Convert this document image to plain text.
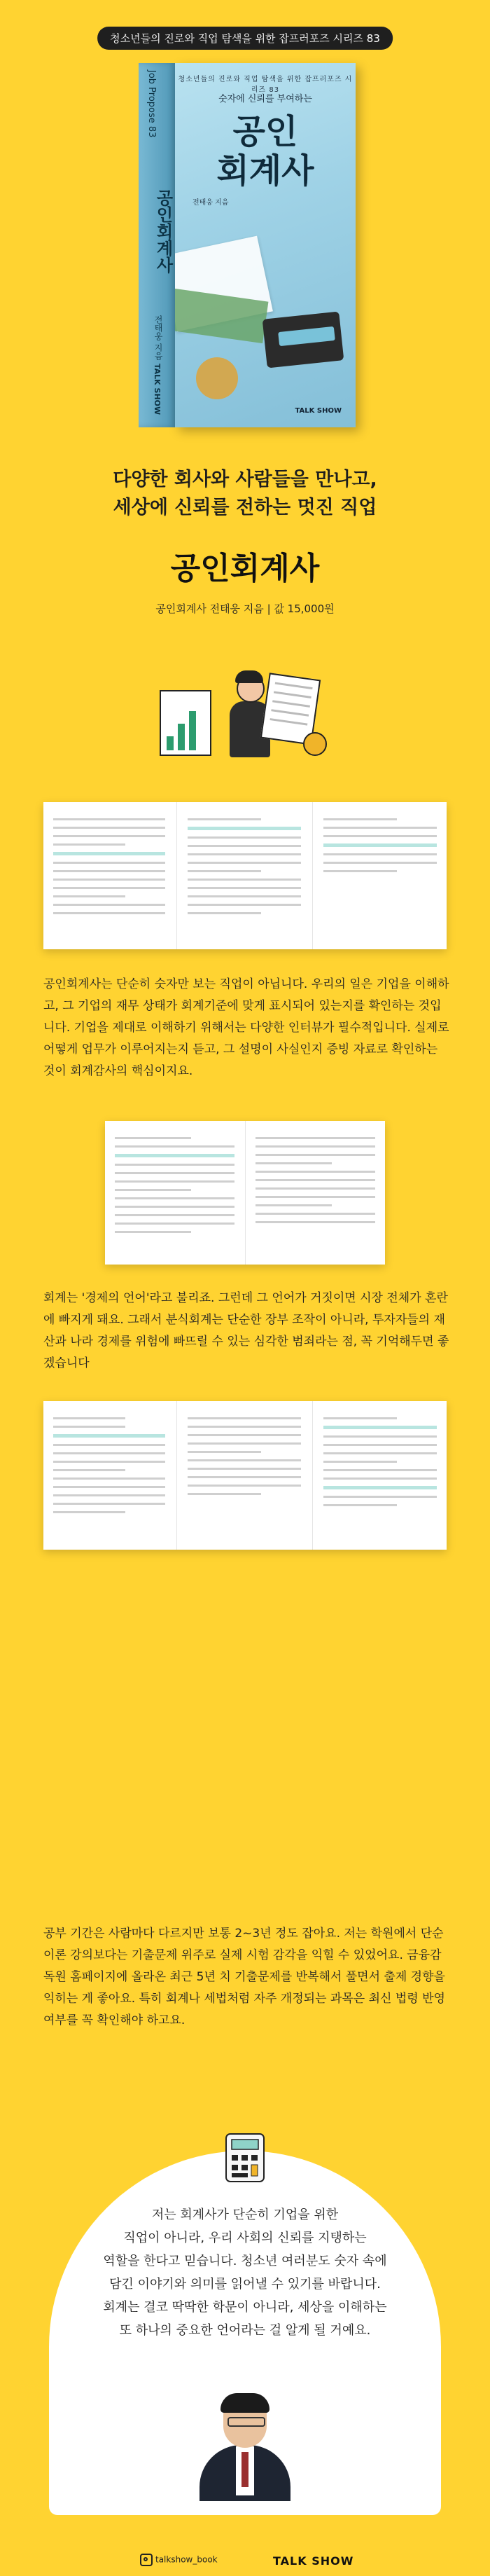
청소년들의 진로와 직업 탐색을 위한 잡프러포즈 시리즈 83
Job Propose 83
공인회계사
전태웅 지음
TALK SHOW
청소년들의 진로와 직업 탐색을 위한 잡프러포즈 시리즈 83
숫자에 신뢰를 부여하는
공인
회계사
전태웅 지음
TALK SHOW
다양한 회사와 사람들을 만나고,
세상에 신뢰를 전하는 멋진 직업
공인회계사
공인회계사 전태웅 지음 | 값 15,000원
공인회계사는 단순히 숫자만 보는 직업이 아닙니다. 우리의 일은 기업을 이해하고, 그 기업의 재무 상태가 회계기준에 맞게 표시되어 있는지를 확인하는 것입니다. 기업을 제대로 이해하기 위해서는 다양한 인터뷰가 필수적입니다. 실제로 어떻게 업무가 이루어지는지 듣고, 그 설명이 사실인지 증빙 자료로 확인하는 것이 회계감사의 핵심이지요.
회계는 '경제의 언어'라고 불리죠. 그런데 그 언어가 거짓이면 시장 전체가 혼란에 빠지게 돼요. 그래서 분식회계는 단순한 장부 조작이 아니라, 투자자들의 재산과 나라 경제를 위험에 빠뜨릴 수 있는 심각한 범죄라는 점, 꼭 기억해두면 좋겠습니다
공부 기간은 사람마다 다르지만 보통 2~3년 정도 잡아요. 저는 학원에서 단순 이론 강의보다는 기출문제 위주로 실제 시험 감각을 익힐 수 있었어요. 금융감독원 홈페이지에 올라온 최근 5년 치 기출문제를 반복해서 풀면서 출제 경향을 익히는 게 좋아요. 특히 회계나 세법처럼 자주 개정되는 과목은 최신 법령 반영 여부를 꼭 확인해야 하고요.
저는 회계사가 단순히 기업을 위한
직업이 아니라, 우리 사회의 신뢰를 지탱하는
역할을 한다고 믿습니다. 청소년 여러분도 숫자 속에
담긴 이야기와 의미를 읽어낼 수 있기를 바랍니다.
회계는 결코 딱딱한 학문이 아니라, 세상을 이해하는
또 하나의 중요한 언어라는 걸 알게 될 거예요.
talkshow_book	TALK SHOW
